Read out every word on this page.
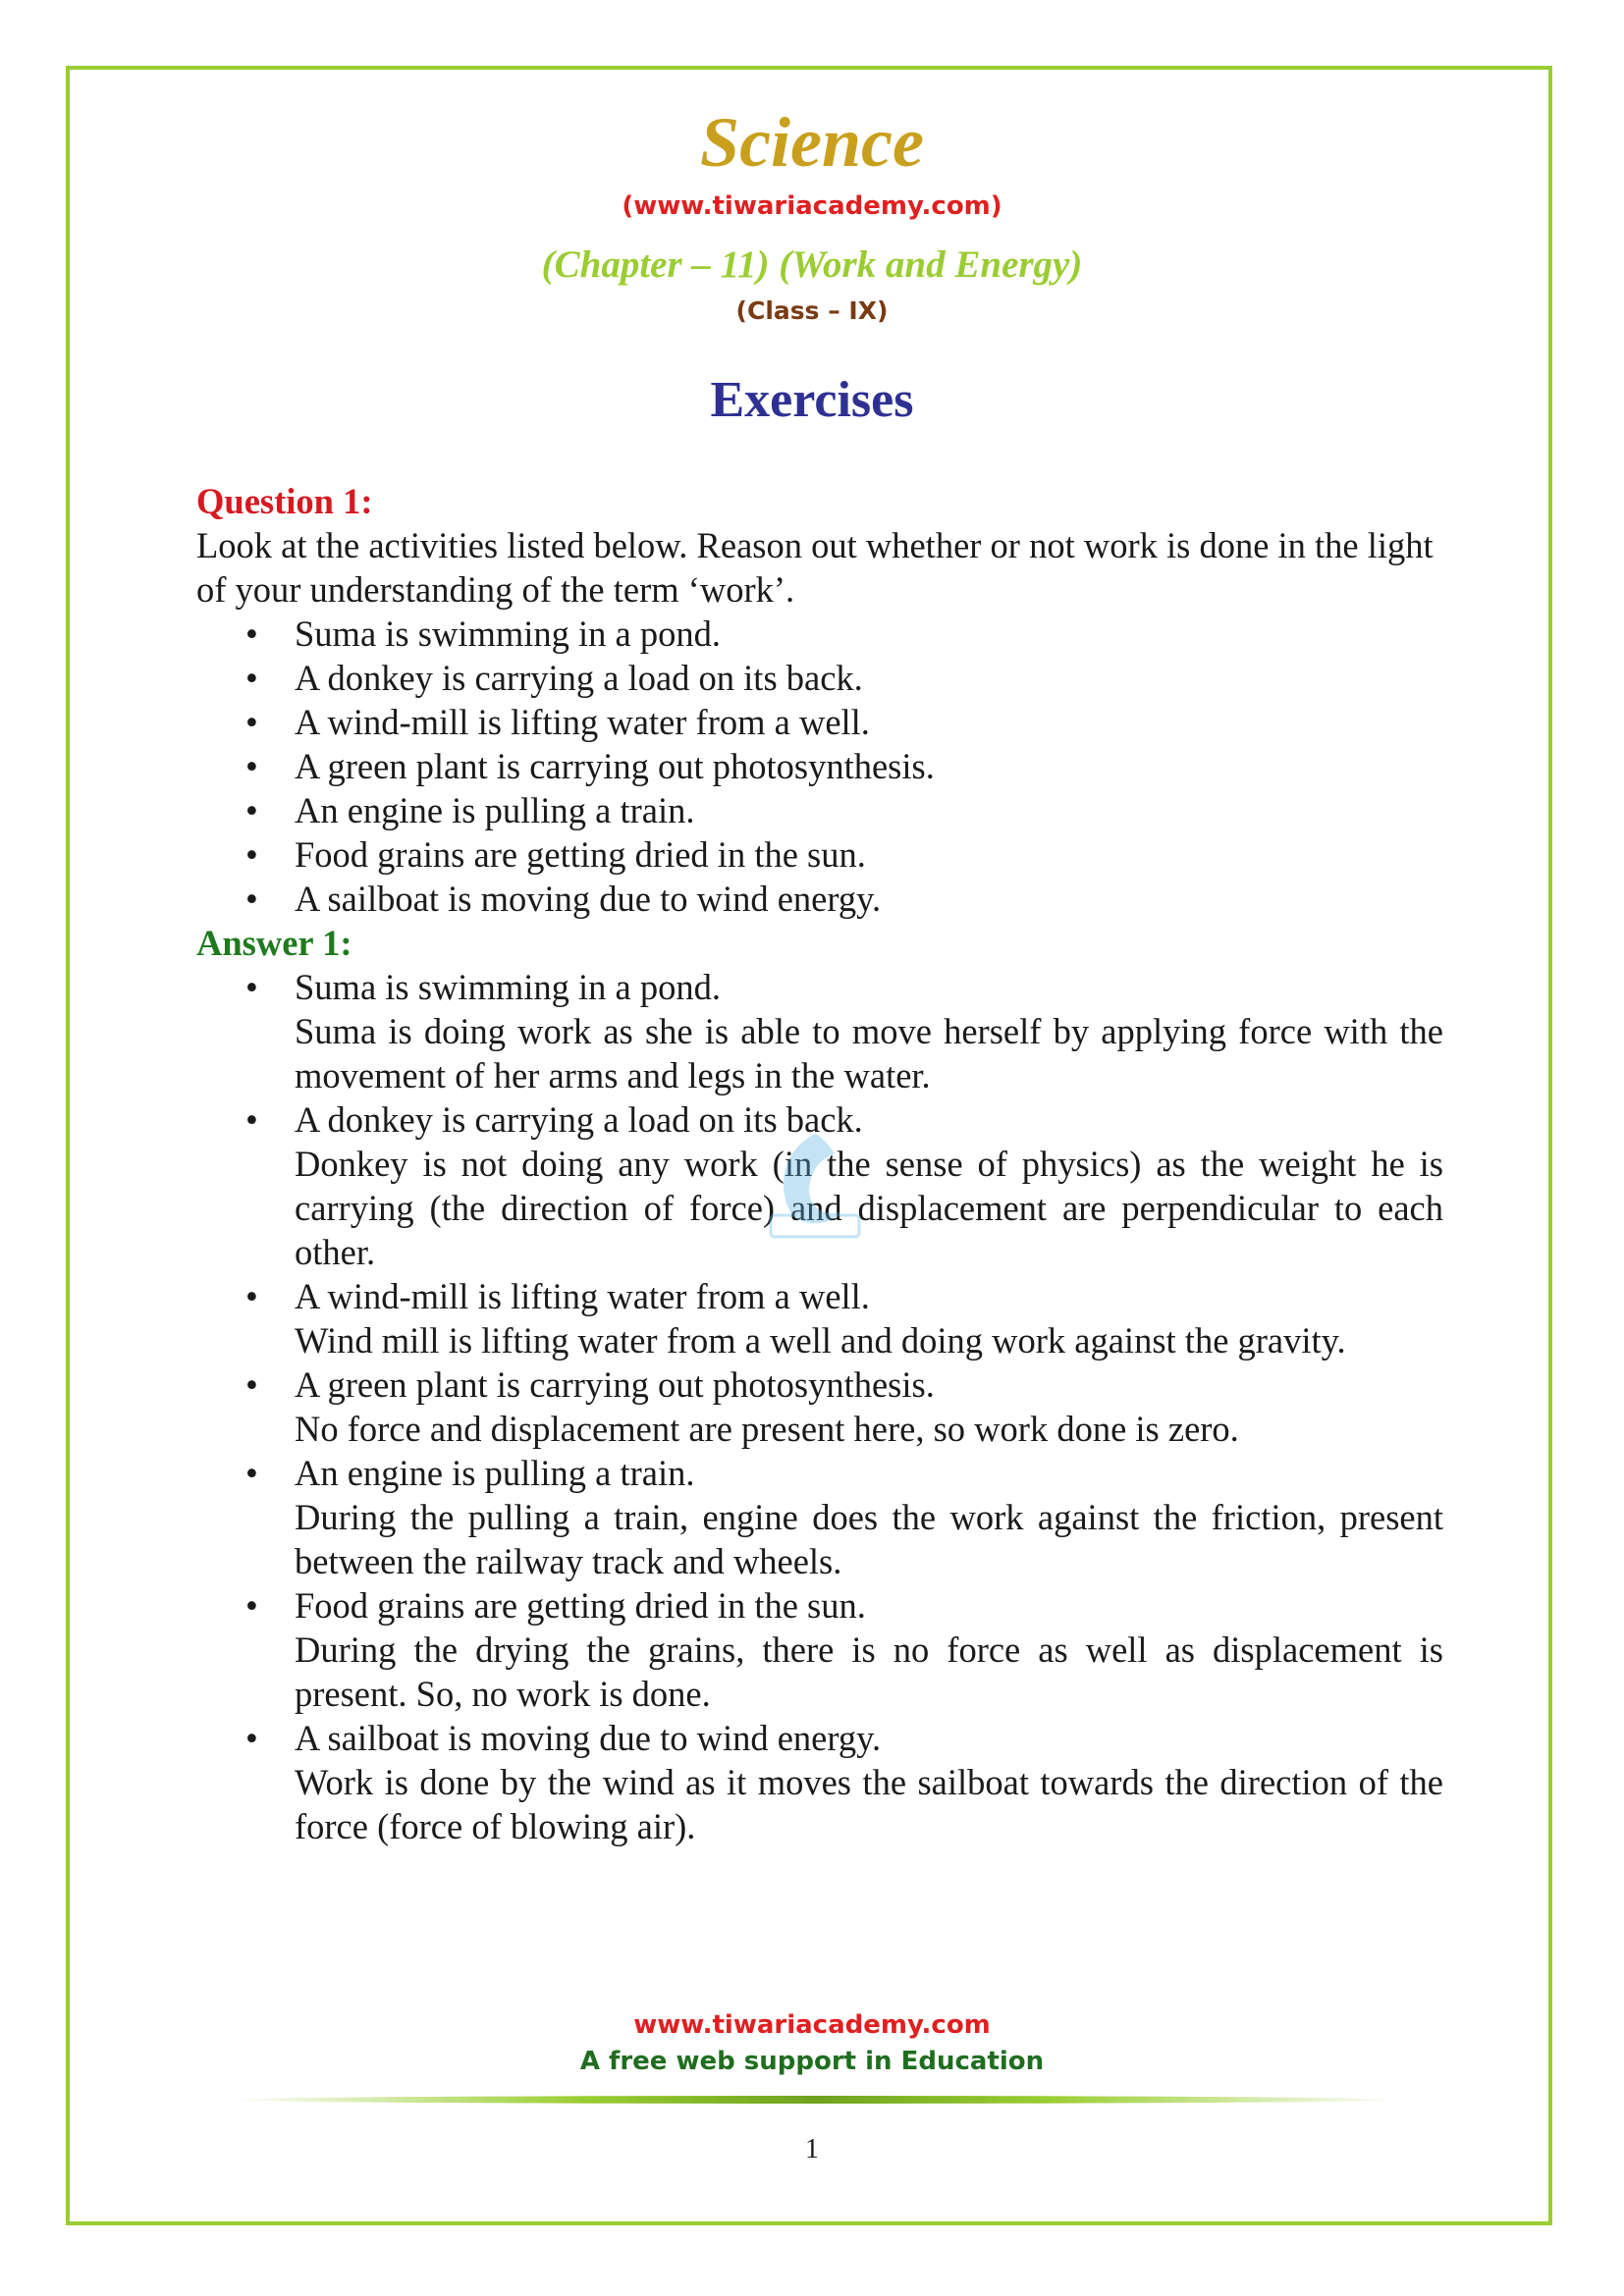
Science
(www.tiwariacademy.com)
(Chapter – 11) (Work and Energy)
(Class – IX)
Exercises
Question 1:

Look at the activities listed below. Reason out whether or not work is done in the light of your understanding of the term ‘work’.

• Suma is swimming in a pond.
• A donkey is carrying a load on its back.
• A wind-mill is lifting water from a well.
• A green plant is carrying out photosynthesis.
• An engine is pulling a train.
• Food grains are getting dried in the sun.
• A sailboat is moving due to wind energy.
Answer 1:
• Suma is swimming in a pond.
Suma is doing work as she is able to move herself by applying force with the movement of her arms and legs in the water.
• A donkey is carrying a load on its back.
Donkey is not doing any work (in the sense of physics) as the weight he is carrying (the direction of force) and displacement are perpendicular to each other.
• A wind-mill is lifting water from a well.
Wind mill is lifting water from a well and doing work against the gravity.
• A green plant is carrying out photosynthesis.
No force and displacement are present here, so work done is zero.
• An engine is pulling a train.
During the pulling a train, engine does the work against the friction, present between the railway track and wheels.
• Food grains are getting dried in the sun.
During the drying the grains, there is no force as well as displacement is present. So, no work is done.
• A sailboat is moving due to wind energy.
Work is done by the wind as it moves the sailboat towards the direction of the force (force of blowing air).
www.tiwariacademy.com
A free web support in Education
1
